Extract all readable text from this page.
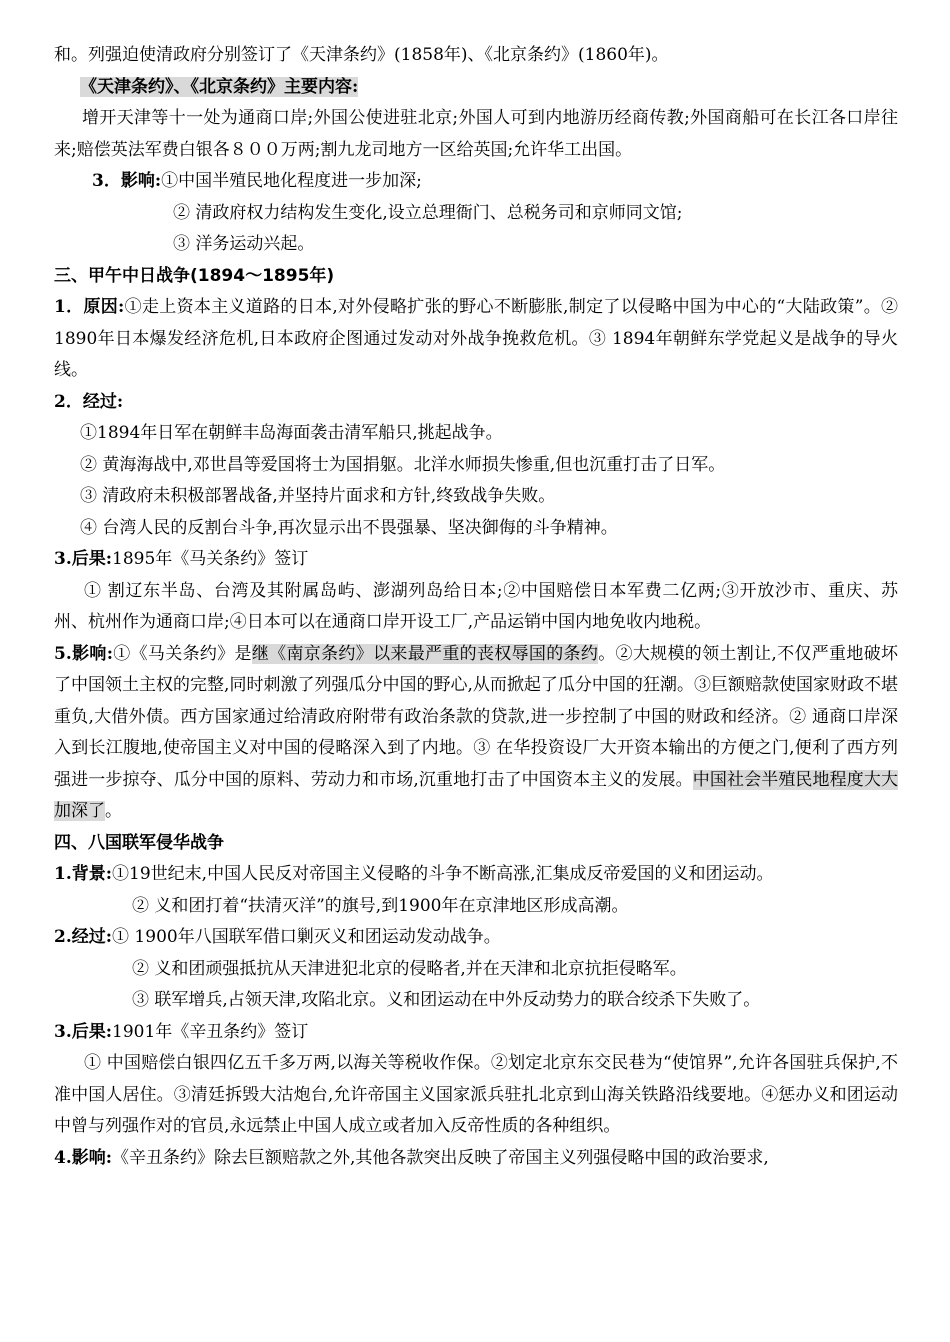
和。列强迫使清政府分别签订了《天津条约》(1858年)、《北京条约》(1860年)。

《天津条约》、《北京条约》主要内容:

增开天津等十一处为通商口岸;外国公使进驻北京;外国人可到内地游历经商传教;外国商船可在长江各口岸往来;赔偿英法军费白银各８００万两;割九龙司地方一区给英国;允许华工出国。

3．影响:①中国半殖民地化程度进一步加深;

② 清政府权力结构发生变化,设立总理衙门、总税务司和京师同文馆;

③ 洋务运动兴起。

三、甲午中日战争(1894～1895年)

1．原因:①走上资本主义道路的日本,对外侵略扩张的野心不断膨胀,制定了以侵略中国为中心的“大陆政策”。② 1890年日本爆发经济危机,日本政府企图通过发动对外战争挽救危机。③ 1894年朝鲜东学党起义是战争的导火线。

2．经过:

①1894年日军在朝鲜丰岛海面袭击清军船只,挑起战争。

② 黄海海战中,邓世昌等爱国将士为国捐躯。北洋水师损失惨重,但也沉重打击了日军。

③ 清政府未积极部署战备,并坚持片面求和方针,终致战争失败。

④ 台湾人民的反割台斗争,再次显示出不畏强暴、坚决御侮的斗争精神。

3.后果:1895年《马关条约》签订

① 割辽东半岛、台湾及其附属岛屿、澎湖列岛给日本;②中国赔偿日本军费二亿两;③开放沙市、重庆、苏州、杭州作为通商口岸;④日本可以在通商口岸开设工厂,产品运销中国内地免收内地税。

5.影响:①《马关条约》是继《南京条约》以来最严重的丧权辱国的条约。②大规模的领土割让,不仅严重地破坏了中国领土主权的完整,同时刺激了列强瓜分中国的野心,从而掀起了瓜分中国的狂潮。③巨额赔款使国家财政不堪重负,大借外债。西方国家通过给清政府附带有政治条款的贷款,进一步控制了中国的财政和经济。② 通商口岸深入到长江腹地,使帝国主义对中国的侵略深入到了内地。③ 在华投资设厂大开资本输出的方便之门,便利了西方列强进一步掠夺、瓜分中国的原料、劳动力和市场,沉重地打击了中国资本主义的发展。中国社会半殖民地程度大大加深了。

四、八国联军侵华战争

1.背景:①19世纪末,中国人民反对帝国主义侵略的斗争不断高涨,汇集成反帝爱国的义和团运动。

② 义和团打着“扶清灭洋”的旗号,到1900年在京津地区形成高潮。

2.经过:① 1900年八国联军借口剿灭义和团运动发动战争。

② 义和团顽强抵抗从天津进犯北京的侵略者,并在天津和北京抗拒侵略军。

③ 联军增兵,占领天津,攻陷北京。义和团运动在中外反动势力的联合绞杀下失败了。

3.后果:1901年《辛丑条约》签订

① 中国赔偿白银四亿五千多万两,以海关等税收作保。②划定北京东交民巷为“使馆界”,允许各国驻兵保护,不准中国人居住。③清廷拆毁大沽炮台,允许帝国主义国家派兵驻扎北京到山海关铁路沿线要地。④惩办义和团运动中曾与列强作对的官员,永远禁止中国人成立或者加入反帝性质的各种组织。

4.影响:《辛丑条约》除去巨额赔款之外,其他各款突出反映了帝国主义列强侵略中国的政治要求,
